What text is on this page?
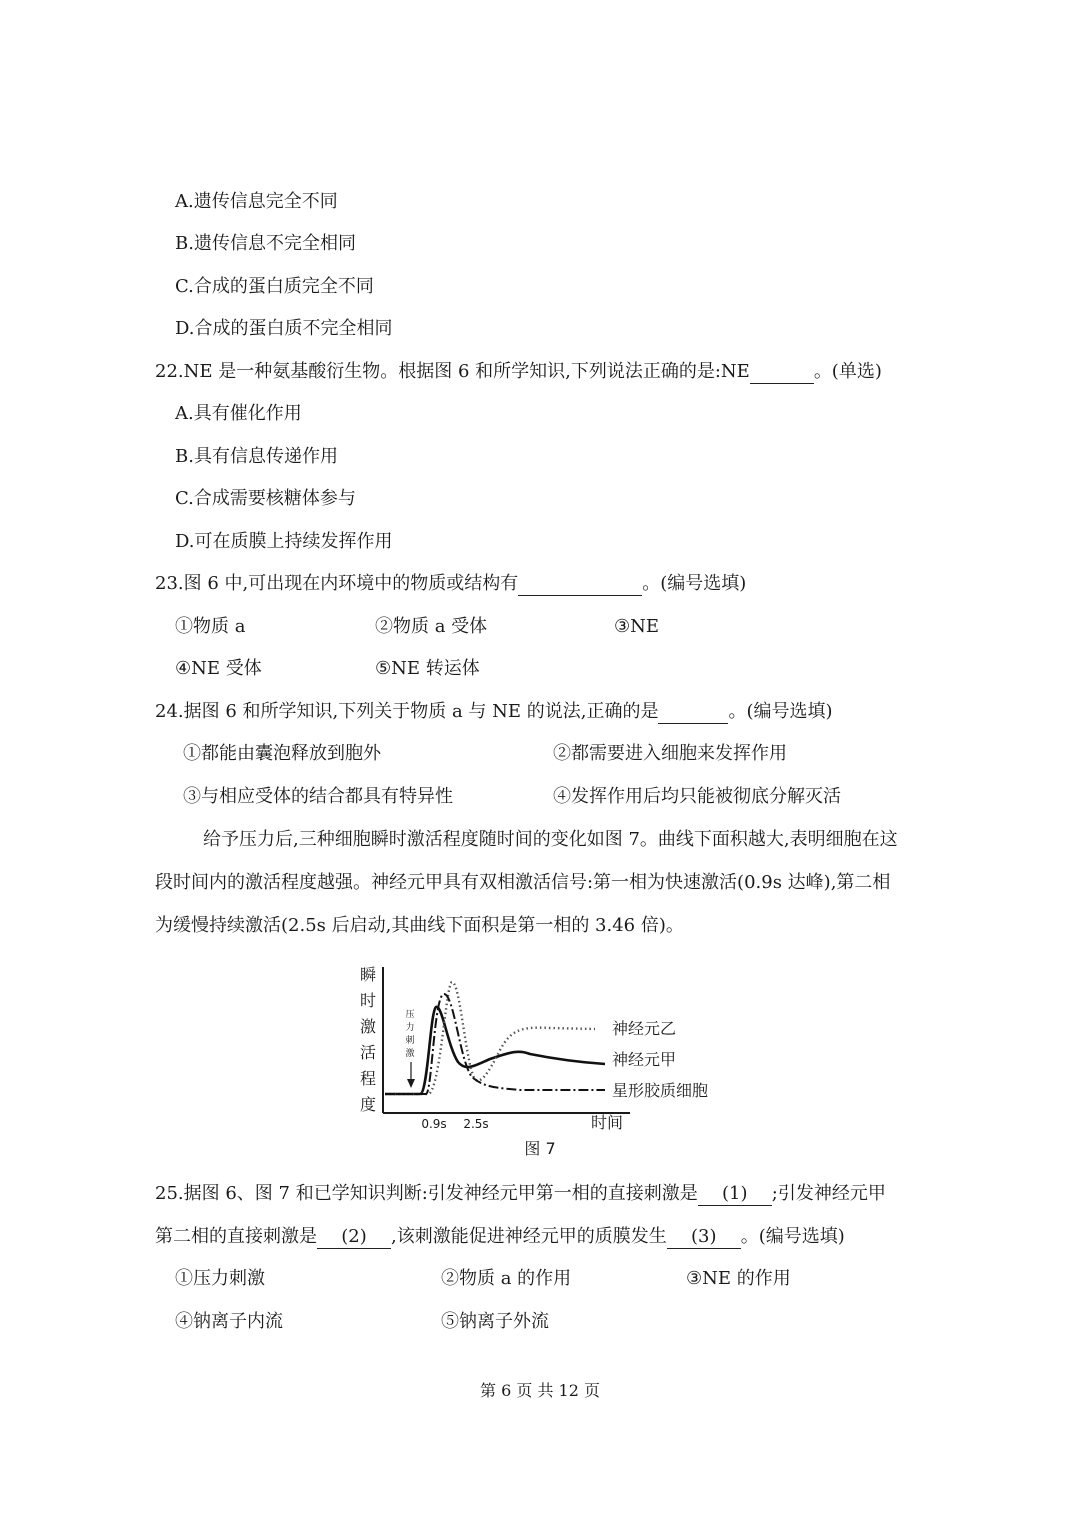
A.遗传信息完全不同
B.遗传信息不完全相同
C.合成的蛋白质完全不同
D.合成的蛋白质不完全相同
22.NE 是一种氨基酸衍生物。根据图 6 和所学知识,下列说法正确的是:NE	。(单选)
A.具有催化作用
B.具有信息传递作用
C.合成需要核糖体参与
D.可在质膜上持续发挥作用
23.图 6 中,可出现在内环境中的物质或结构有	。(编号选填)
①物质 a	②物质 a 受体	③NE
④NE 受体	⑤NE 转运体
24.据图 6 和所学知识,下列关于物质 a 与 NE 的说法,正确的是	。(编号选填)
①都能由囊泡释放到胞外	②都需要进入细胞来发挥作用
③与相应受体的结合都具有特异性	④发挥作用后均只能被彻底分解灭活
给予压力后,三种细胞瞬时激活程度随时间的变化如图 7。曲线下面积越大,表明细胞在这
段时间内的激活程度越强。神经元甲具有双相激活信号:第一相为快速激活(0.9s 达峰),第二相
为缓慢持续激活(2.5s 后启动,其曲线下面积是第一相的 3.46 倍)。
瞬
时
激
活
程
度
压
力
刺
激
神经元乙
神经元甲
星形胶质细胞
0.9s 2.5s	时间
图 7
25.据图 6、图 7 和已学知识判断:引发神经元甲第一相的直接刺激是 (1) ;引发神经元甲
第二相的直接刺激是 (2) ,该刺激能促进神经元甲的质膜发生 (3) 。(编号选填)
①压力刺激	②物质 a 的作用	③NE 的作用
④钠离子内流	⑤钠离子外流
第 6 页 共 12 页
